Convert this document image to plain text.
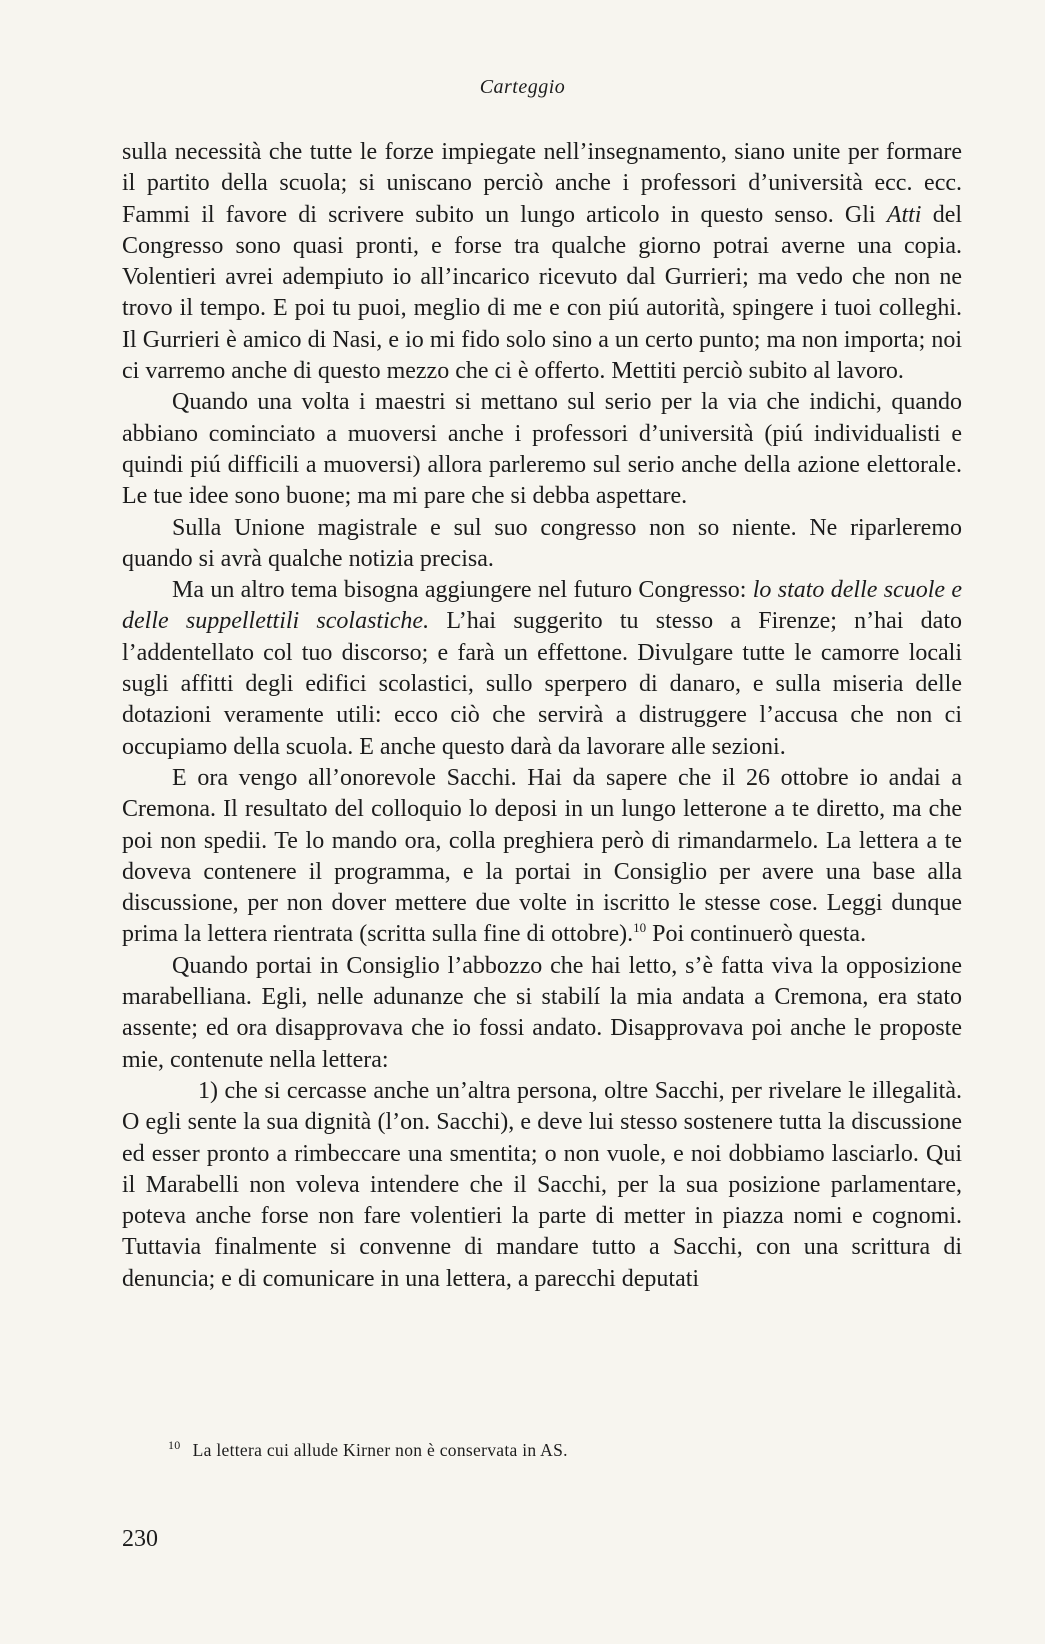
Carteggio

sulla necessità che tutte le forze impiegate nell’insegnamento, siano unite per formare il partito della scuola; si uniscano perciò anche i professori d’università ecc. ecc. Fammi il favore di scrivere subito un lungo articolo in questo senso. Gli Atti del Congresso sono quasi pronti, e forse tra qualche giorno potrai averne una copia. Volentieri avrei adempiuto io all’incarico ricevuto dal Gurrieri; ma vedo che non ne trovo il tempo. E poi tu puoi, meglio di me e con piú autorità, spingere i tuoi colleghi. Il Gurrieri è amico di Nasi, e io mi fido solo sino a un certo punto; ma non importa; noi ci varremo anche di questo mezzo che ci è offerto. Mettiti perciò subito al lavoro.

Quando una volta i maestri si mettano sul serio per la via che indichi, quando abbiano cominciato a muoversi anche i professori d’università (piú individualisti e quindi piú difficili a muoversi) allora parleremo sul serio anche della azione elettorale. Le tue idee sono buone; ma mi pare che si debba aspettare.

Sulla Unione magistrale e sul suo congresso non so niente. Ne riparleremo quando si avrà qualche notizia precisa.

Ma un altro tema bisogna aggiungere nel futuro Congresso: lo stato delle scuole e delle suppellettili scolastiche. L’hai suggerito tu stesso a Firenze; n’hai dato l’addentellato col tuo discorso; e farà un effettone. Divulgare tutte le camorre locali sugli affitti degli edifici scolastici, sullo sperpero di danaro, e sulla miseria delle dotazioni veramente utili: ecco ciò che servirà a distruggere l’accusa che non ci occupiamo della scuola. E anche questo darà da lavorare alle sezioni.

E ora vengo all’onorevole Sacchi. Hai da sapere che il 26 ottobre io andai a Cremona. Il resultato del colloquio lo deposi in un lungo letterone a te diretto, ma che poi non spedii. Te lo mando ora, colla preghiera però di rimandarmelo. La lettera a te doveva contenere il programma, e la portai in Consiglio per avere una base alla discussione, per non dover mettere due volte in iscritto le stesse cose. Leggi dunque prima la lettera rientrata (scritta sulla fine di ottobre).$^{10}$ Poi continuerò questa.

Quando portai in Consiglio l’abbozzo che hai letto, s’è fatta viva la opposizione marabelliana. Egli, nelle adunanze che si stabilí la mia andata a Cremona, era stato assente; ed ora disapprovava che io fossi andato. Disapprovava poi anche le proposte mie, contenute nella lettera:

1) che si cercasse anche un’altra persona, oltre Sacchi, per rivelare le illegalità. O egli sente la sua dignità (l’on. Sacchi), e deve lui stesso sostenere tutta la discussione ed esser pronto a rimbeccare una smentita; o non vuole, e noi dobbiamo lasciarlo. Qui il Marabelli non voleva intendere che il Sacchi, per la sua posizione parlamentare, poteva anche forse non fare volentieri la parte di metter in piazza nomi e cognomi. Tuttavia finalmente si convenne di mandare tutto a Sacchi, con una scrittura di denuncia; e di comunicare in una lettera, a parecchi deputati

$^{10}$ La lettera cui allude Kirner non è conservata in AS.
230
